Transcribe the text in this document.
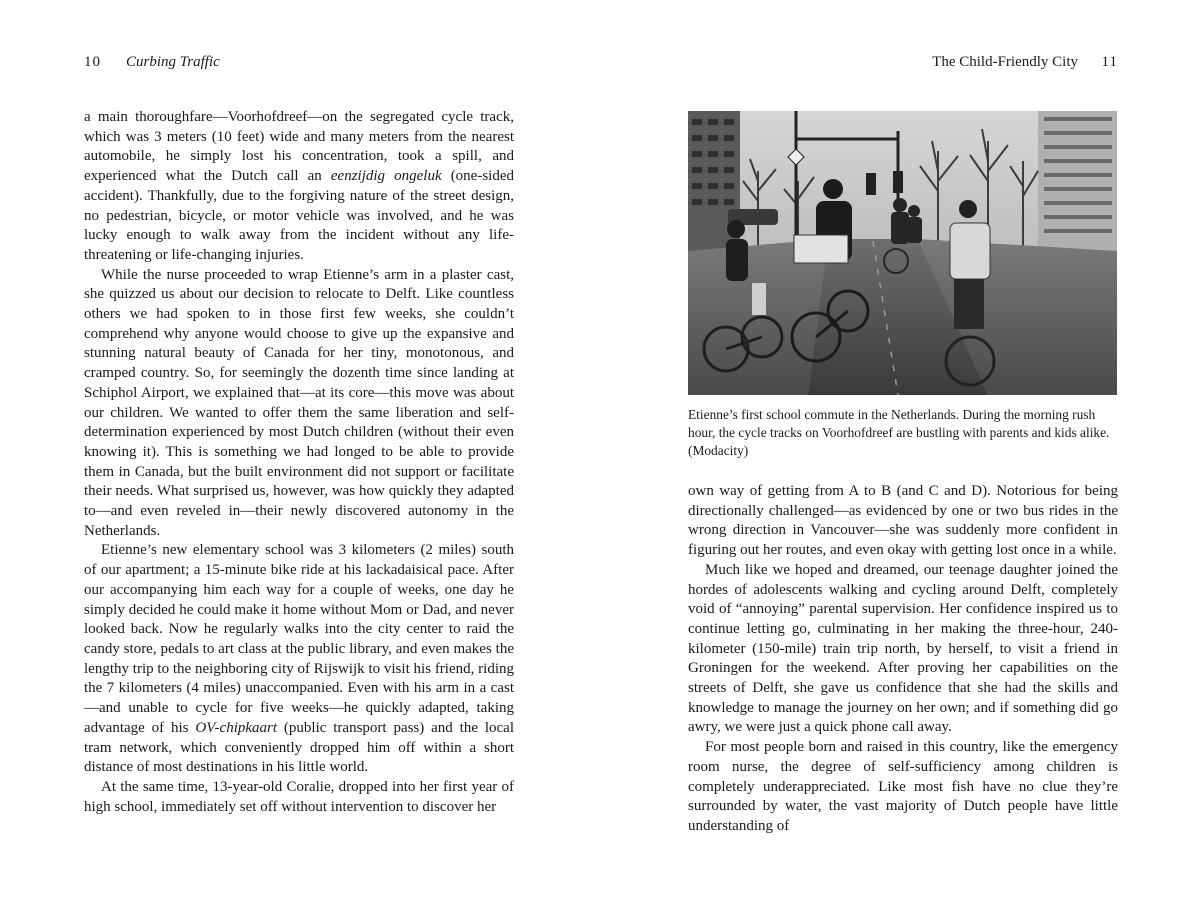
10 Curbing Traffic

a main thoroughfare—Voorhofdreef—on the segregated cycle track, which was 3 meters (10 feet) wide and many meters from the nearest automobile, he simply lost his concentration, took a spill, and experienced what the Dutch call an eenzijdig ongeluk (one-sided accident). Thankfully, due to the forgiving nature of the street design, no pedestrian, bicycle, or motor vehicle was involved, and he was lucky enough to walk away from the incident without any life-threatening or life-changing injuries.

While the nurse proceeded to wrap Etienne’s arm in a plaster cast, she quizzed us about our decision to relocate to Delft. Like countless others we had spoken to in those first few weeks, she couldn’t comprehend why anyone would choose to give up the expansive and stunning natural beauty of Canada for her tiny, monotonous, and cramped country. So, for seemingly the dozenth time since landing at Schiphol Airport, we explained that—at its core—this move was about our children. We wanted to offer them the same liberation and self-determination experienced by most Dutch children (without their even knowing it). This is something we had longed to be able to provide them in Canada, but the built environment did not support or facilitate their needs. What surprised us, however, was how quickly they adapted to—and even reveled in—their newly discovered autonomy in the Netherlands.

Etienne’s new elementary school was 3 kilometers (2 miles) south of our apartment; a 15-minute bike ride at his lackadaisical pace. After our accompanying him each way for a couple of weeks, one day he simply decided he could make it home without Mom or Dad, and never looked back. Now he regularly walks into the city center to raid the candy store, pedals to art class at the public library, and even makes the lengthy trip to the neighboring city of Rijswijk to visit his friend, riding the 7 kilometers (4 miles) unaccompanied. Even with his arm in a cast—and unable to cycle for five weeks—he quickly adapted, taking advantage of his OV-chipkaart (public transport pass) and the local tram network, which conveniently dropped him off within a short distance of most destinations in his little world.

At the same time, 13-year-old Coralie, dropped into her first year of high school, immediately set off without intervention to discover her

The Child-Friendly City 11
Etienne’s first school commute in the Netherlands. During the morning rush hour, the cycle tracks on Voorhofdreef are bustling with parents and kids alike. (Modacity)

own way of getting from A to B (and C and D). Notorious for being directionally challenged—as evidenced by one or two bus rides in the wrong direction in Vancouver—she was suddenly more confident in figuring out her routes, and even okay with getting lost once in a while.

Much like we hoped and dreamed, our teenage daughter joined the hordes of adolescents walking and cycling around Delft, completely void of “annoying” parental supervision. Her confidence inspired us to continue letting go, culminating in her making the three-hour, 240-kilometer (150-mile) train trip north, by herself, to visit a friend in Groningen for the weekend. After proving her capabilities on the streets of Delft, she gave us confidence that she had the skills and knowledge to manage the journey on her own; and if something did go awry, we were just a quick phone call away.

For most people born and raised in this country, like the emergency room nurse, the degree of self-sufficiency among children is completely underappreciated. Like most fish have no clue they’re surrounded by water, the vast majority of Dutch people have little understanding of
